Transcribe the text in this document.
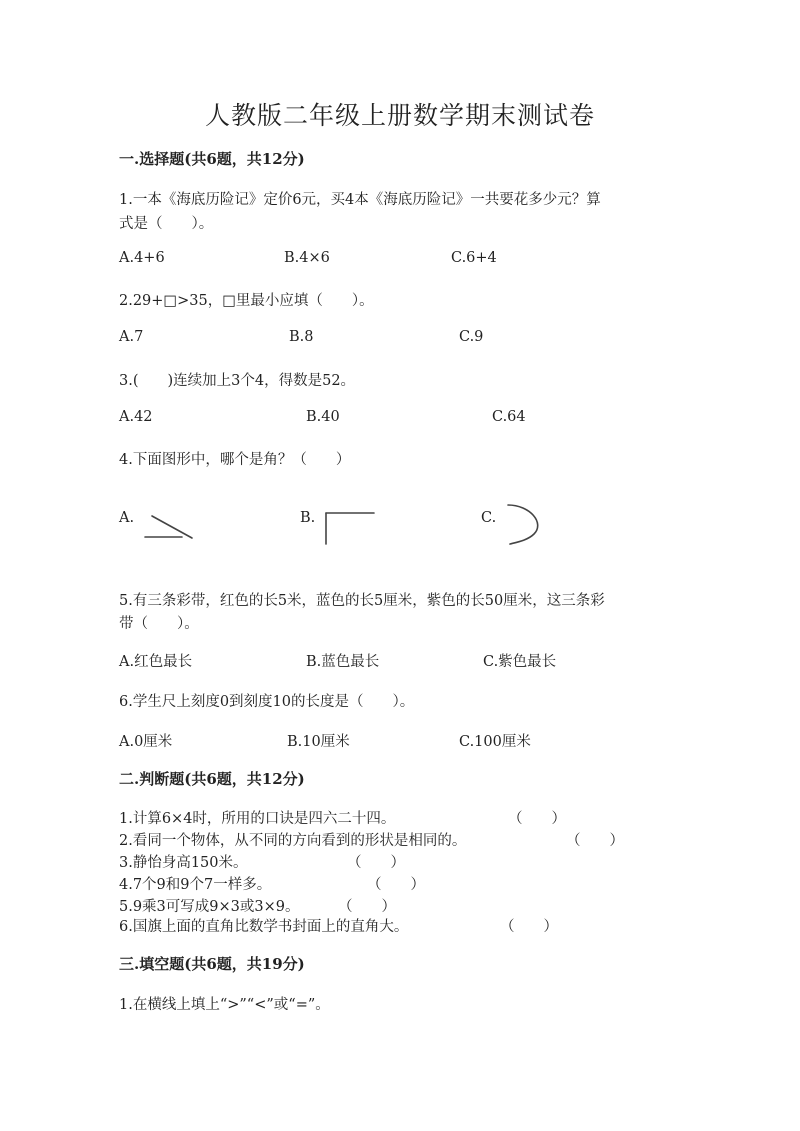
人教版二年级上册数学期末测试卷
一.选择题(共6题，共12分)
1.一本《海底历险记》定价6元，买4本《海底历险记》一共要花多少元？算
式是（　　）。
A.4+6	B.4×6	C.6+4
2.29+□>35，□里最小应填（　　）。
A.7	B.8	C.9
3.(　　)连续加上3个4，得数是52。
A.42	B.40	C.64
4.下面图形中，哪个是角？（　　）
A.	B.	C.
5.有三条彩带，红色的长5米，蓝色的长5厘米，紫色的长50厘米，这三条彩
带（　　）。
A.红色最长	B.蓝色最长	C.紫色最长
6.学生尺上刻度0到刻度10的长度是（　　）。
A.0厘米	B.10厘米	C.100厘米
二.判断题(共6题，共12分)
1.计算6×4时，所用的口诀是四六二十四。	（　　）
2.看同一个物体，从不同的方向看到的形状是相同的。	（　　）
3.静怡身高150米。	（　　）
4.7个9和9个7一样多。	（　　）
5.9乘3可写成9×3或3×9。	（　　）
6.国旗上面的直角比数学书封面上的直角大。	（　　）
三.填空题(共6题，共19分)
1.在横线上填上“>”“<”或“=”。
